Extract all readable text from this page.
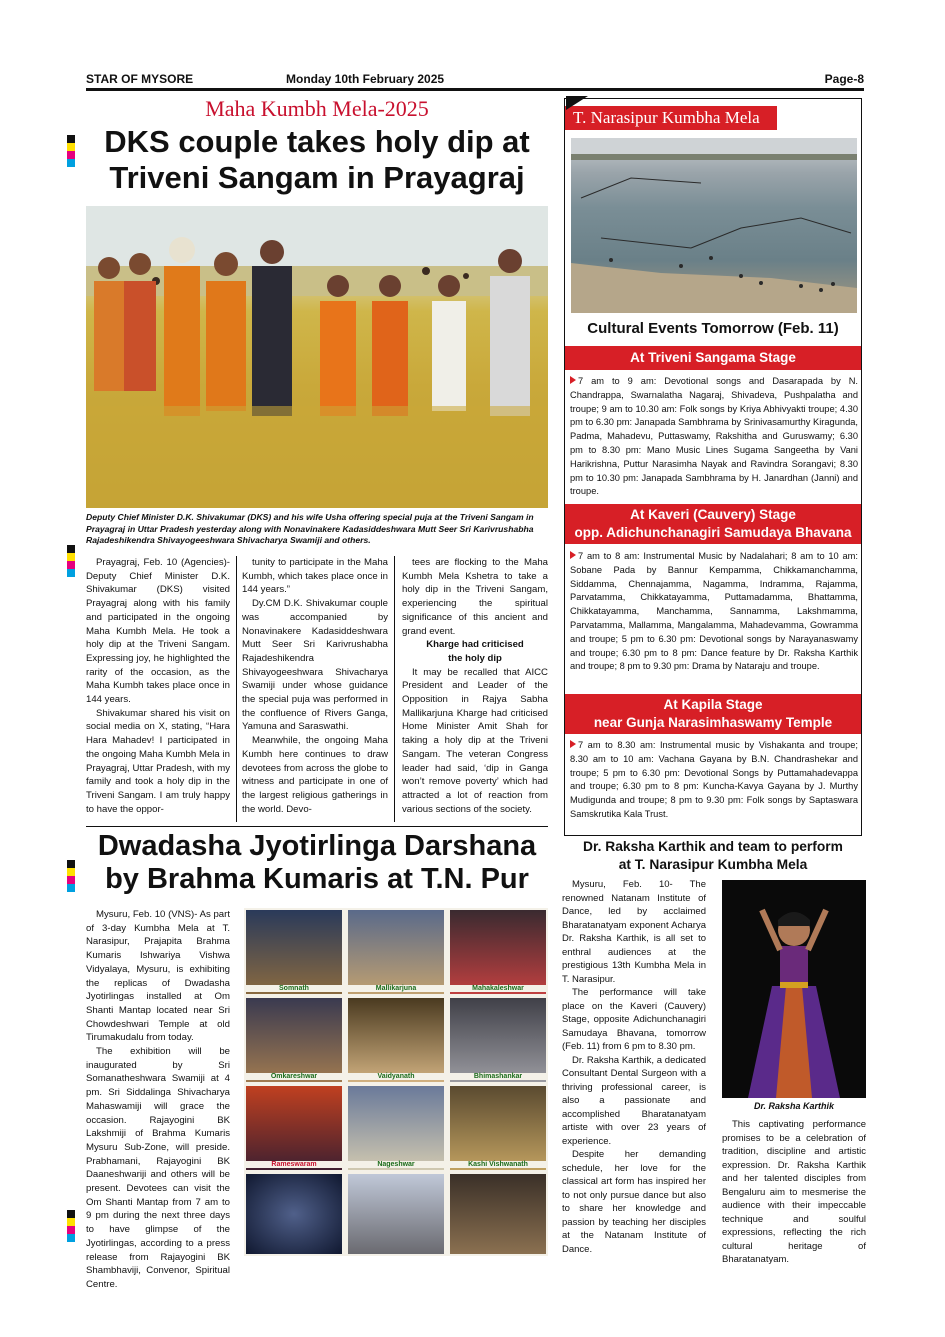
STAR OF MYSORE	Monday 10th February 2025	Page-8
Maha Kumbh Mela-2025
DKS couple takes holy dip at
Triveni Sangam in Prayagraj
Deputy Chief Minister D.K. Shivakumar (DKS) and his wife Usha offering special puja at the Triveni Sangam in Prayagraj in Uttar Pradesh yesterday along with Nonavinakere Kadasiddeshwara Mutt Seer Sri Karivrushabha Rajadeshikendra Shivayogeeshwara Shivacharya Swamiji and others.

Prayagraj, Feb. 10 (Agencies)- Deputy Chief Minister D.K. Shivakumar (DKS) visited Prayagraj along with his family and participated in the ongoing Maha Kumbh Mela. He took a holy dip at the Triveni Sangam. Expressing joy, he highlighted the rarity of the occasion, as the Maha Kumbh takes place once in 144 years.

Shivakumar shared his visit on social media on X, stating, “Hara Hara Mahadev! I participated in the ongoing Maha Kumbh Mela in Prayagraj, Uttar Pradesh, with my family and took a holy dip in the Triveni Sangam. I am truly happy to have the oppor-

tunity to participate in the Maha Kumbh, which takes place once in 144 years.”

Dy.CM D.K. Shivakumar couple was accompanied by Nonavinakere Kadasiddeshwara Mutt Seer Sri Karivrushabha Rajadeshikendra Shivayogeeshwara Shivacharya Swamiji under whose guidance the special puja was performed in the confluence of Rivers Ganga, Yamuna and Saraswathi.

Meanwhile, the ongoing Maha Kumbh here continues to draw devotees from across the globe to witness and participate in one of the largest religious gatherings in the world. Devo-

tees are flocking to the Maha Kumbh Mela Kshetra to take a holy dip in the Triveni Sangam, experiencing the spiritual significance of this ancient and grand event.

Kharge had criticised

the holy dip

It may be recalled that AICC President and Leader of the Opposition in Rajya Sabha Mallikarjuna Kharge had criticised Home Minister Amit Shah for taking a holy dip at the Triveni Sangam. The veteran Congress leader had said, ‘dip in Ganga won’t remove poverty’ which had attracted a lot of reaction from various sections of the society.

Dwadasha Jyotirlinga Darshana
by Brahma Kumaris at T.N. Pur

Mysuru, Feb. 10 (VNS)- As part of 3-day Kumbha Mela at T. Narasipur, Prajapita Brahma Kumaris Ishwariya Vishwa Vidyalaya, Mysuru, is exhibiting the replicas of Dwadasha Jyotirlingas installed at Om Shanti Mantap located near Sri Chowdeshwari Temple at old Tirumakudalu from today.

The exhibition will be inaugurated by Sri Somanatheshwara Swamiji at 4 pm. Sri Siddalinga Shivacharya Mahaswamiji will grace the occasion. Rajayogini BK Lakshmiji of Brahma Kumaris Mysuru Sub-Zone, will preside. Prabhamani, Rajayogini BK Daaneshwariji and others will be present. Devotees can visit the Om Shanti Mantap from 7 am to 9 pm during the next three days to have glimpse of the Jyotirlingas, according to a press release from Rajayogini BK Shambhaviji, Convenor, Spiritual Centre.

Somnath	Mallikarjuna	Mahakaleshwar
Omkareshwar	Vaidyanath	Bhimashankar
Rameswaram	Nageshwar	Kashi Vishwanath
T. Narasipur Kumbha Mela
Cultural Events Tomorrow (Feb. 11)
At Triveni Sangama Stage
7 am to 9 am: Devotional songs and Dasarapada by N. Chandrappa, Swarnalatha Nagaraj, Shivadeva, Pushpalatha and troupe; 9 am to 10.30 am: Folk songs by Kriya Abhivyakti troupe; 4.30 pm to 6.30 pm: Janapada Sambhrama by Srinivasamurthy Kiragunda, Padma, Mahadevu, Puttaswamy, Rakshitha and Guruswamy; 6.30 pm to 8.30 pm: Mano Music Lines Sugama Sangeetha by Vani Harikrishna, Puttur Narasimha Nayak and Ravindra Sorangavi; 8.30 pm to 10.30 pm: Janapada Sambhrama by H. Janardhan (Janni) and troupe.
At Kaveri (Cauvery) Stage
opp. Adichunchanagiri Samudaya Bhavana
7 am to 8 am: Instrumental Music by Nadalahari; 8 am to 10 am: Sobane Pada by Bannur Kempamma, Chikkamanchamma, Siddamma, Chennajamma, Nagamma, Indramma, Rajamma, Parvatamma, Chikkatayamma, Puttamadamma, Bhattamma, Chikkatayamma, Manchamma, Sannamma, Lakshmamma, Parvatamma, Mallamma, Mangalamma, Mahadevamma, Gowramma and troupe; 5 pm to 6.30 pm: Devotional songs by Narayanaswamy and troupe; 6.30 pm to 8 pm: Dance feature by Dr. Raksha Karthik and troupe; 8 pm to 9.30 pm: Drama by Nataraju and troupe.
At Kapila Stage
near Gunja Narasimhaswamy Temple
7 am to 8.30 am: Instrumental music by Vishakanta and troupe; 8.30 am to 10 am: Vachana Gayana by B.N. Chandrashekar and troupe; 5 pm to 6.30 pm: Devotional Songs by Puttamahadevappa and troupe; 6.30 pm to 8 pm: Kuncha-Kavya Gayana by J. Murthy Mudigunda and troupe; 8 pm to 9.30 pm: Folk songs by Saptaswara Samskrutika Kala Trust.
Dr. Raksha Karthik and team to perform
at T. Narasipur Kumbha Mela

Mysuru, Feb. 10- The renowned Natanam Institute of Dance, led by acclaimed Bharatanatyam exponent Acharya Dr. Raksha Karthik, is all set to enthral audiences at the prestigious 13th Kumbha Mela in T. Narasipur.

The performance will take place on the Kaveri (Cauvery) Stage, opposite Adichunchanagiri Samudaya Bhavana, tomorrow (Feb. 11) from 6 pm to 8.30 pm.

Dr. Raksha Karthik, a dedicated Consultant Dental Surgeon with a thriving professional career, is also a passionate and accomplished Bharatanatyam artiste with over 23 years of experience.

Despite her demanding schedule, her love for the classical art form has inspired her to not only pursue dance but also to share her knowledge and passion by teaching her disciples at the Natanam Institute of Dance.

Dr. Raksha Karthik

This captivating performance promises to be a celebration of tradition, discipline and artistic expression. Dr. Raksha Karthik and her talented disciples from Bengaluru aim to mesmerise the audience with their impeccable technique and soulful expressions, reflecting the rich cultural heritage of Bharatanatyam.
